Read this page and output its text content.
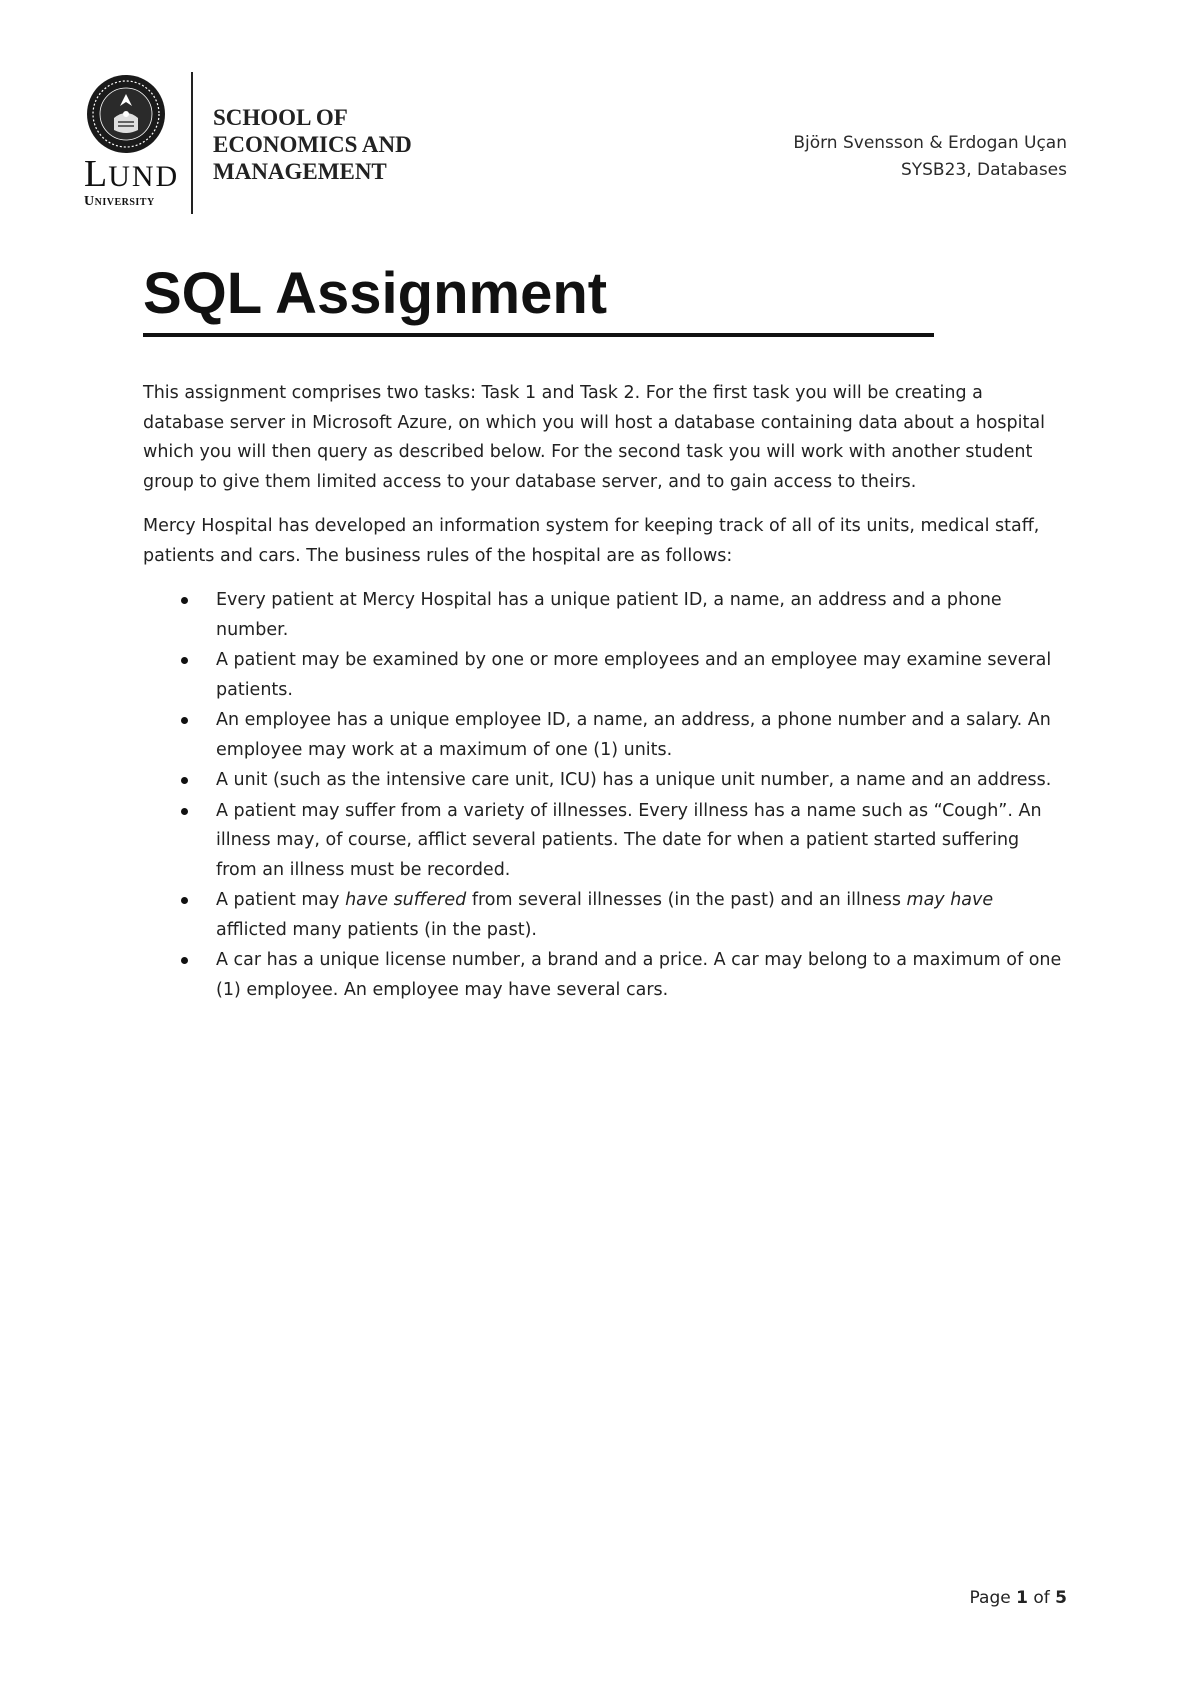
LUND
University
SCHOOL OF
ECONOMICS AND
MANAGEMENT
Björn Svensson & Erdogan Uçan
SYSB23, Databases
SQL Assignment

This assignment comprises two tasks: Task 1 and Task 2. For the first task you will be creating a database server in Microsoft Azure, on which you will host a database containing data about a hospital which you will then query as described below. For the second task you will work with another student group to give them limited access to your database server, and to gain access to theirs.

Mercy Hospital has developed an information system for keeping track of all of its units, medical staff, patients and cars. The business rules of the hospital are as follows:

Every patient at Mercy Hospital has a unique patient ID, a name, an address and a phone number.
A patient may be examined by one or more employees and an employee may examine several patients.
An employee has a unique employee ID, a name, an address, a phone number and a salary. An employee may work at a maximum of one (1) units.
A unit (such as the intensive care unit, ICU) has a unique unit number, a name and an address.
A patient may suffer from a variety of illnesses. Every illness has a name such as “Cough”. An illness may, of course, afflict several patients. The date for when a patient started suffering from an illness must be recorded.
A patient may have suffered from several illnesses (in the past) and an illness may have afflicted many patients (in the past).
A car has a unique license number, a brand and a price. A car may belong to a maximum of one (1) employee. An employee may have several cars.
Page 1 of 5
